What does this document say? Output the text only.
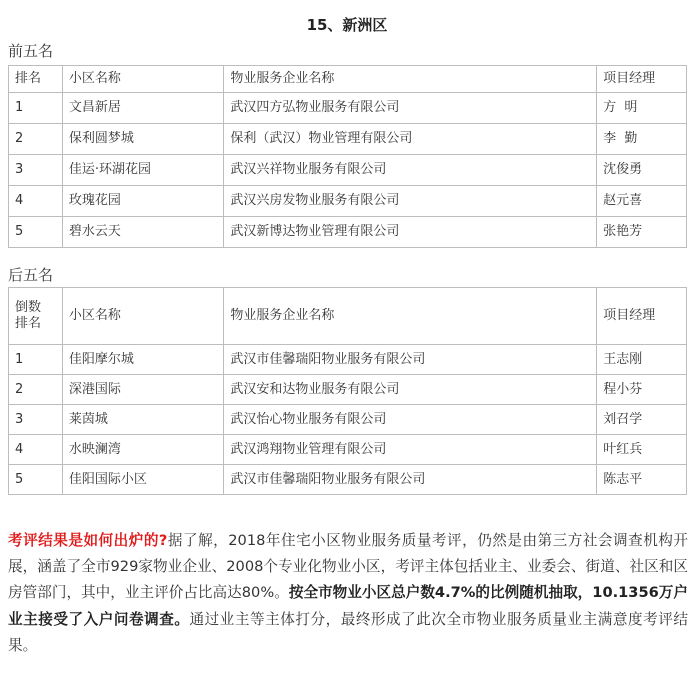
15、新洲区
前五名
排名	小区名称	物业服务企业名称	项目经理
1	文昌新居	武汉四方弘物业服务有限公司	方  明
2	保利圆梦城	保利（武汉）物业管理有限公司	李  勤
3	佳运·环湖花园	武汉兴祥物业服务有限公司	沈俊勇
4	玫瑰花园	武汉兴房发物业服务有限公司	赵元喜
5	碧水云天	武汉新博达物业管理有限公司	张艳芳
后五名
倒数
排名	小区名称	物业服务企业名称	项目经理
1	佳阳摩尔城	武汉市佳馨瑞阳物业服务有限公司	王志刚
2	深港国际	武汉安和达物业服务有限公司	程小芬
3	莱茵城	武汉怡心物业服务有限公司	刘召学
4	水映澜湾	武汉鸿翔物业管理有限公司	叶红兵
5	佳阳国际小区	武汉市佳馨瑞阳物业服务有限公司	陈志平
考评结果是如何出炉的?据了解，2018年住宅小区物业服务质量考评，仍然是由第三方社会调查机构开展，涵盖了全市929家物业企业、2008个专业化物业小区，考评主体包括业主、业委会、街道、社区和区房管部门，其中，业主评价占比高达80%。按全市物业小区总户数4.7%的比例随机抽取，10.1356万户业主接受了入户问卷调查。通过业主等主体打分，最终形成了此次全市物业服务质量业主满意度考评结果。
